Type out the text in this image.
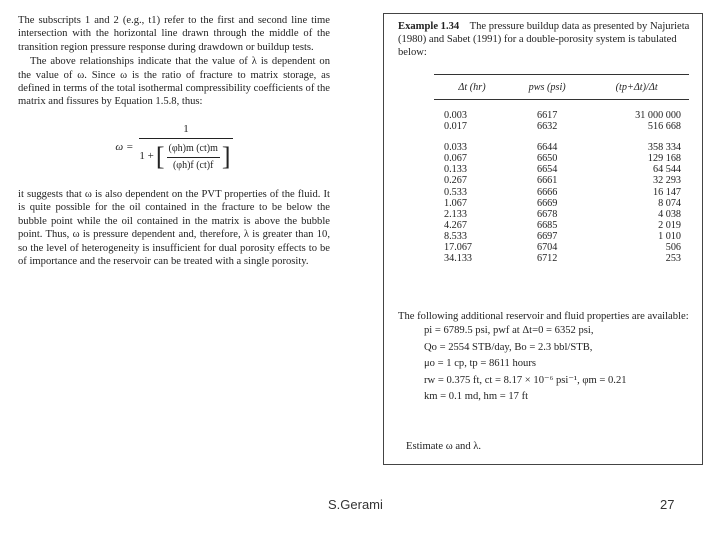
The subscripts 1 and 2 (e.g., t1) refer to the first and second line time intersection with the horizontal line drawn through the middle of the transition region pressure response during drawdown or buildup tests.

The above relationships indicate that the value of λ is dependent on the value of ω. Since ω is the ratio of fracture to matrix storage, as defined in terms of the total isothermal compressibility coefficients of the matrix and fissures by Equation 1.5.8, thus:

ω =
1
1 + [ (φh)m (ct)m
(φh)f (ct)f ]

it suggests that ω is also dependent on the PVT properties of the fluid. It is quite possible for the oil contained in the fracture to be below the bubble point while the oil contained in the matrix is above the bubble point. Thus, ω is pressure dependent and, therefore, λ is greater than 10, so the level of heterogeneity is insufficient for dual porosity effects to be of importance and the reservoir can be treated with a single porosity.

Example 1.34 The pressure buildup data as presented by Najurieta (1980) and Sabet (1991) for a double-porosity system is tabulated below:
Δt (hr)	pws (psi)	(tp+Δt)/Δt

0.003	6617	31 000 000
0.017	6632	516 668

0.033	6644	358 334
0.067	6650	129 168
0.133	6654	64 544
0.267	6661	32 293
0.533	6666	16 147
1.067	6669	8 074
2.133	6678	4 038
4.267	6685	2 019
8.533	6697	1 010
17.067	6704	506
34.133	6712	253
The following additional reservoir and fluid properties are available:
pi = 6789.5 psi, pwf at Δt=0 = 6352 psi,
Qo = 2554 STB/day, Bo = 2.3 bbl/STB,
μo = 1 cp, tp = 8611 hours
rw = 0.375 ft, ct = 8.17 × 10⁻⁶ psi⁻¹, φm = 0.21
km = 0.1 md, hm = 17 ft
Estimate ω and λ.
S.Gerami	27
